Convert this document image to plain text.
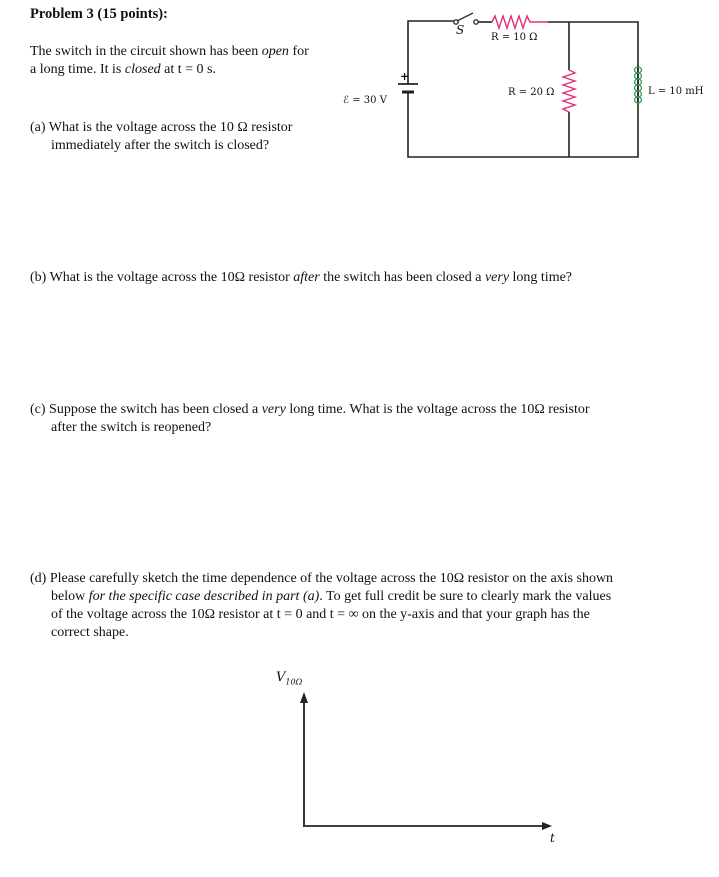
Problem 3 (15 points):
The switch in the circuit shown has been open for
a long time. It is closed at t = 0 s.
S
+
ℰ = 30 V
R = 10 Ω
R = 20 Ω	L = 10 mH
(a) What is the voltage across the 10 Ω resistor
immediately after the switch is closed?
(b) What is the voltage across the 10Ω resistor after the switch has been closed a very long time?
(c) Suppose the switch has been closed a very long time. What is the voltage across the 10Ω resistor
after the switch is reopened?
(d) Please carefully sketch the time dependence of the voltage across the 10Ω resistor on the axis shown
below for the specific case described in part (a). To get full credit be sure to clearly mark the values
of the voltage across the 10Ω resistor at t = 0 and t = ∞ on the y-axis and that your graph has the
correct shape.
$V_{10\Omega}$
t
